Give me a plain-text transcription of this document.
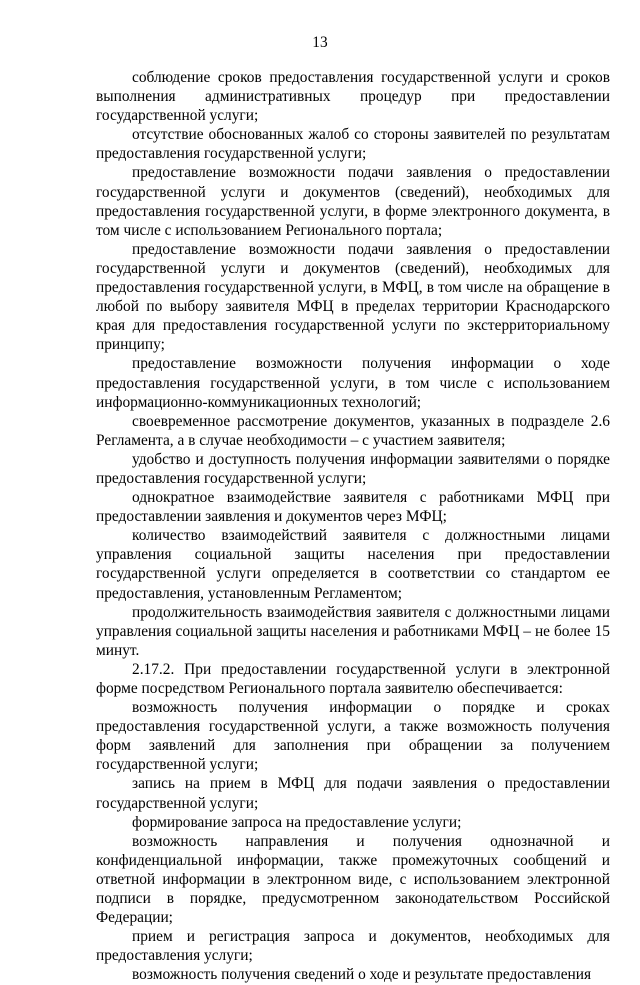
13

соблюдение сроков предоставления государственной услуги и сроков выполнения административных процедур при предоставлении государственной услуги;

отсутствие обоснованных жалоб со стороны заявителей по результатам предоставления государственной услуги;

предоставление возможности подачи заявления о предоставлении государственной услуги и документов (сведений), необходимых для предоставления государственной услуги, в форме электронного документа, в том числе с использованием Регионального портала;

предоставление возможности подачи заявления о предоставлении государственной услуги и документов (сведений), необходимых для предоставления государственной услуги, в МФЦ, в том числе на обращение в любой по выбору заявителя МФЦ в пределах территории Краснодарского края для предоставления государственной услуги по экстерриториальному принципу;

предоставление возможности получения информации о ходе предоставления государственной услуги, в том числе с использованием информационно-коммуникационных технологий;

своевременное рассмотрение документов, указанных в подразделе 2.6 Регламента, а в случае необходимости – с участием заявителя;

удобство и доступность получения информации заявителями о порядке предоставления государственной услуги;

однократное взаимодействие заявителя с работниками МФЦ при предоставлении заявления и документов через МФЦ;

количество взаимодействий заявителя с должностными лицами управления социальной защиты населения при предоставлении государственной услуги определяется в соответствии со стандартом ее предоставления, установленным Регламентом;

продолжительность взаимодействия заявителя с должностными лицами управления социальной защиты населения и работниками МФЦ – не более 15 минут.

2.17.2. При предоставлении государственной услуги в электронной форме посредством Регионального портала заявителю обеспечивается:

возможность получения информации о порядке и сроках предоставления государственной услуги, а также возможность получения форм заявлений для заполнения при обращении за получением государственной услуги;

запись на прием в МФЦ для подачи заявления о предоставлении государственной услуги;

формирование запроса на предоставление услуги;

возможность направления и получения однозначной и конфиденциальной информации, также промежуточных сообщений и ответной информации в электронном виде, с использованием электронной подписи в порядке, предусмотренном законодательством Российской Федерации;

прием и регистрация запроса и документов, необходимых для предоставления услуги;

возможность получения сведений о ходе и результате предоставления
